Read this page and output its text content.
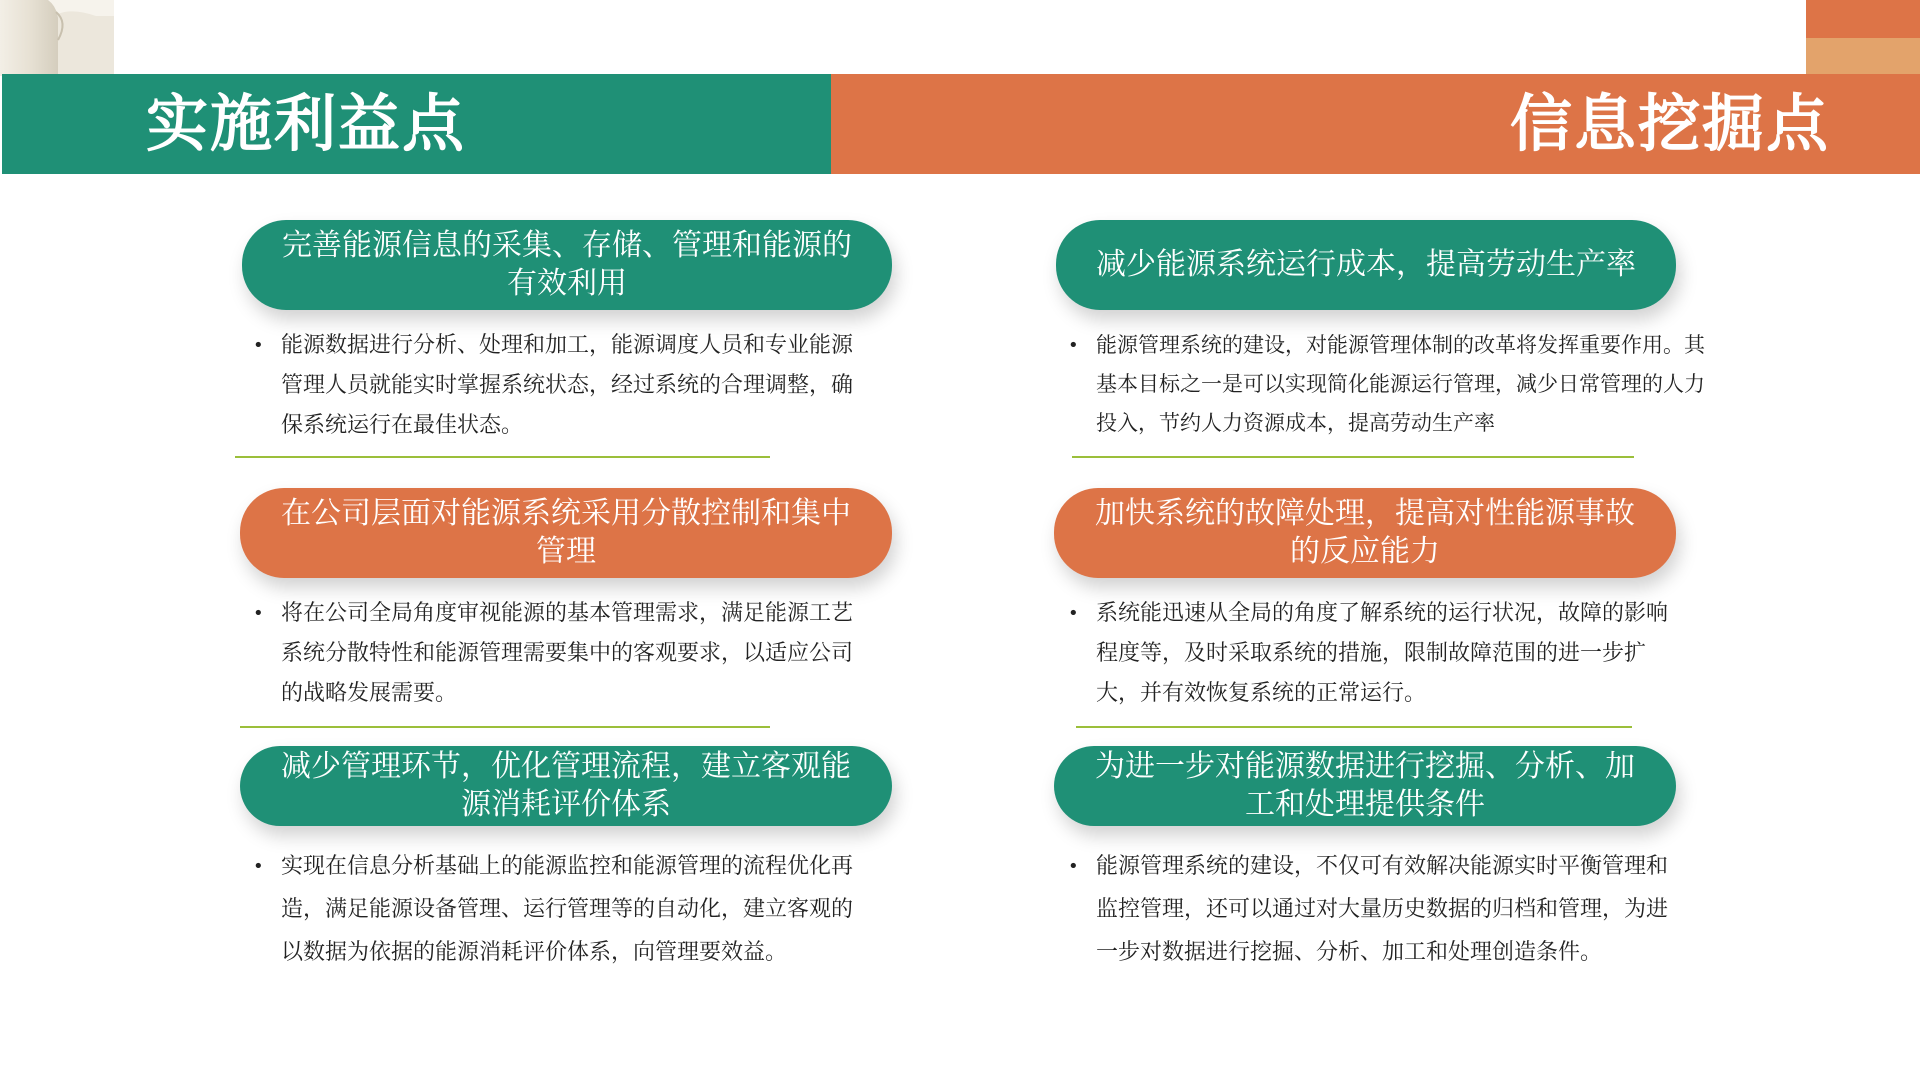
实施利益点	信息挖掘点
完善能源信息的采集、存储、管理和能源的有效利用
• 能源数据进行分析、处理和加工，能源调度人员和专业能源管理人员就能实时掌握系统状态，经过系统的合理调整，确保系统运行在最佳状态。
在公司层面对能源系统采用分散控制和集中管理
• 将在公司全局角度审视能源的基本管理需求，满足能源工艺系统分散特性和能源管理需要集中的客观要求，以适应公司的战略发展需要。
减少管理环节，优化管理流程，建立客观能源消耗评价体系
• 实现在信息分析基础上的能源监控和能源管理的流程优化再造，满足能源设备管理、运行管理等的自动化，建立客观的以数据为依据的能源消耗评价体系，向管理要效益。
减少能源系统运行成本，提高劳动生产率
• 能源管理系统的建设，对能源管理体制的改革将发挥重要作用。其基本目标之一是可以实现简化能源运行管理，减少日常管理的人力投入，节约人力资源成本，提高劳动生产率
加快系统的故障处理，提高对性能源事故的反应能力
• 系统能迅速从全局的角度了解系统的运行状况，故障的影响程度等，及时采取系统的措施，限制故障范围的进一步扩大，并有效恢复系统的正常运行。
为进一步对能源数据进行挖掘、分析、加工和处理提供条件
• 能源管理系统的建设，不仅可有效解决能源实时平衡管理和监控管理，还可以通过对大量历史数据的归档和管理，为进一步对数据进行挖掘、分析、加工和处理创造条件。
